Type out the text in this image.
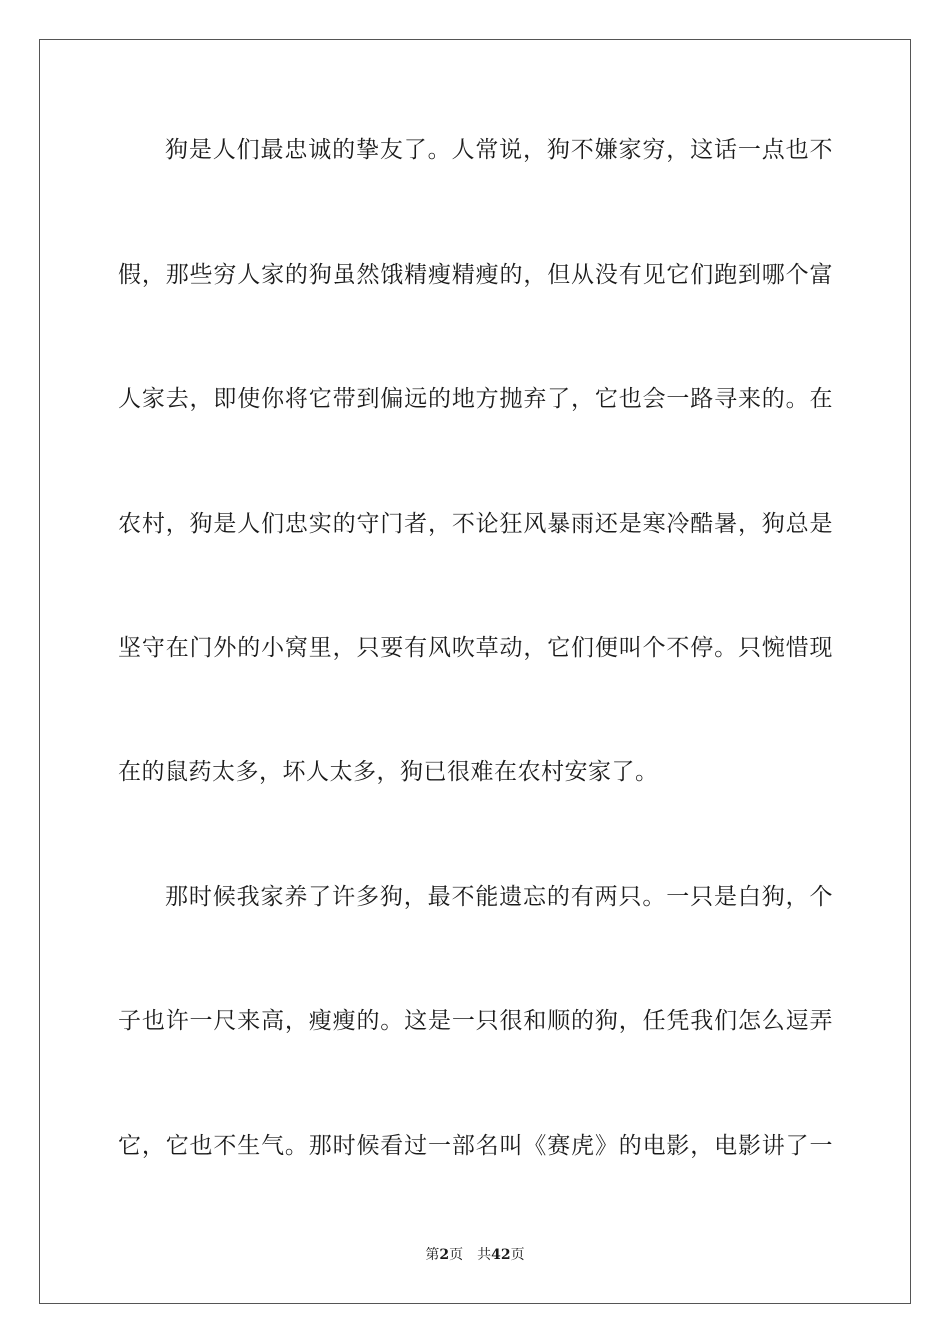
狗是人们最忠诚的挚友了。人常说，狗不嫌家穷，这话一点也不
假，那些穷人家的狗虽然饿精瘦精瘦的，但从没有见它们跑到哪个富
人家去，即使你将它带到偏远的地方抛弃了，它也会一路寻来的。在
农村，狗是人们忠实的守门者，不论狂风暴雨还是寒冷酷暑，狗总是
坚守在门外的小窝里，只要有风吹草动，它们便叫个不停。只惋惜现
在的鼠药太多，坏人太多，狗已很难在农村安家了。
那时候我家养了许多狗，最不能遗忘的有两只。一只是白狗，个
子也许一尺来高，瘦瘦的。这是一只很和顺的狗，任凭我们怎么逗弄
它，它也不生气。那时候看过一部名叫《赛虎》的电影，电影讲了一
第2页 共42页
